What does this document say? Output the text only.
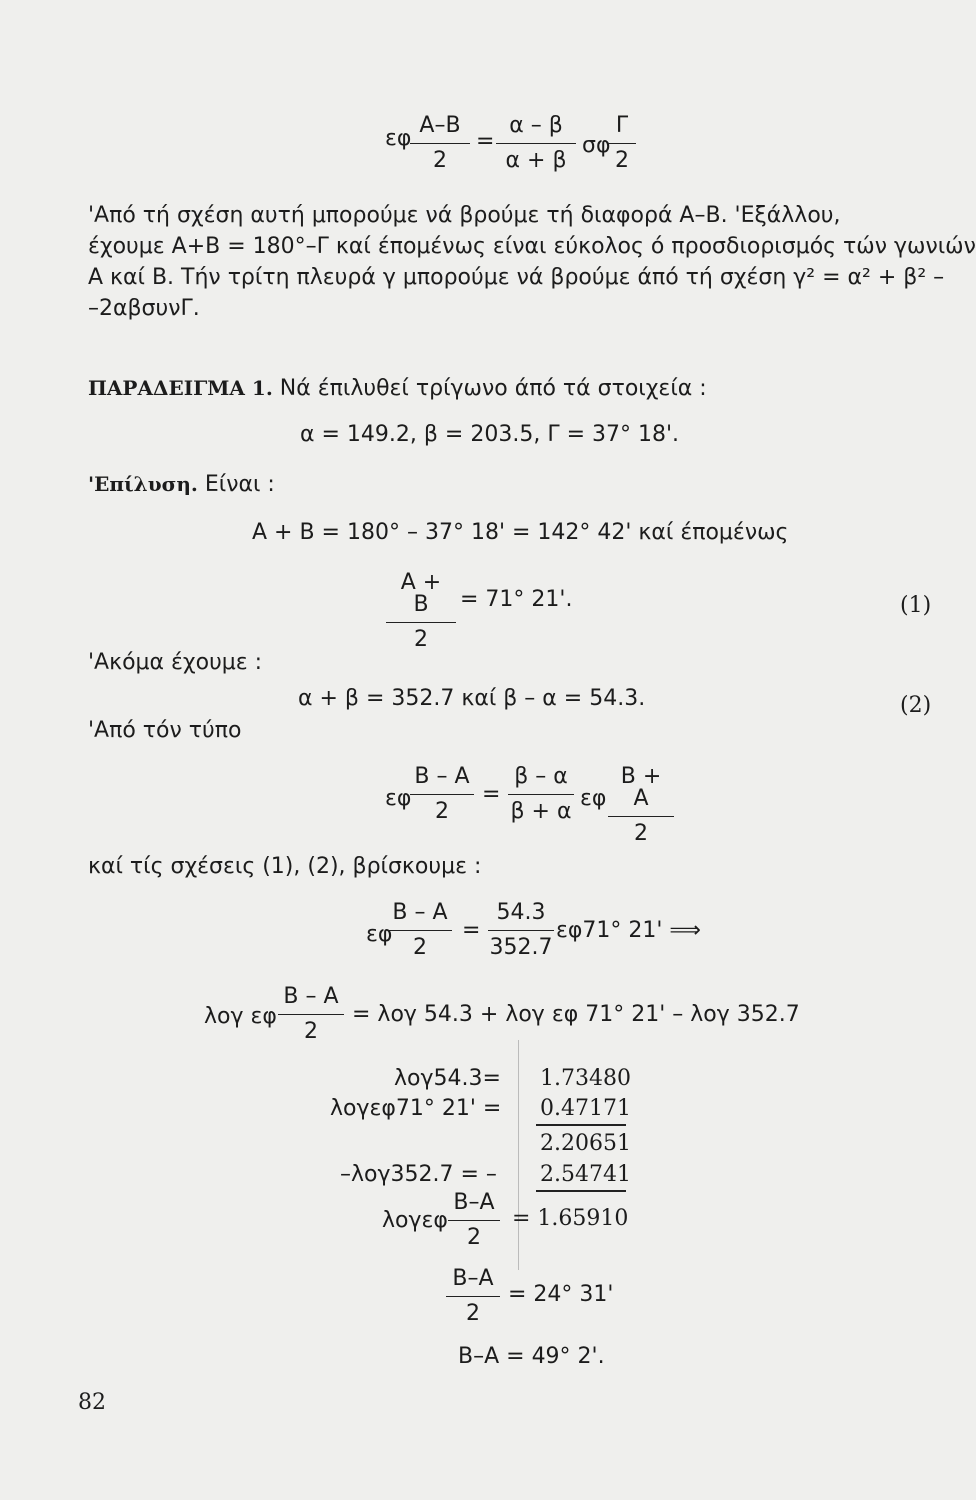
εφ
$\frac{A-B}{2} = \frac{\alpha - \beta}{\alpha + \beta}$ σφ
$\frac{\Gamma}{2}$
'Από τή σχέση αυτή μπορούμε νά βρούμε τή διαφορά A–B. 'Εξάλλου,
έχουμε A+B = 180°–Γ καί έπομένως είναι εύκολος ό προσδιορισμός τών γωνιών
A καί B. Τήν τρίτη πλευρά γ μπορούμε νά βρούμε άπό τή σχέση γ² = α² + β² –
–2αβσυνΓ.
ΠΑΡΑΔΕΙΓΜΑ 1. Νά έπιλυθεί τρίγωνο άπό τά στοιχεία :
α = 149.2, β = 203.5, Γ = 37° 18'.
'Επίλυση. Είναι :
A + B = 180° – 37° 18' = 142° 42' καί έπομένως
$\frac{A + B}{2} = 71^\circ$ 21'.	(1)
'Ακόμα έχουμε :
α + β = 352.7 καί β – α = 54.3.	(2)
'Από τόν τύπο
εφ
$\frac{B - A}{2} = \frac{\beta - \alpha}{\beta + \alpha}$ εφ $\frac{B + A}{2}$
καί τίς σχέσεις (1), (2), βρίσκουμε :
εφ
$\frac{B - A}{2} = \frac{54.3}{352.7} \varepsilon\varphi 71^\circ$ 21' ⟹
λογ εφ $\frac{B - A}{2} = \lambda o\gamma$ 54.3 + λογ εφ 71° 21' – λογ 352.7
λογ54.3= 1.73480
λογεφ71° 21' = 0.47171
2.20651
–λογ352.7 = – 2.54741
λογεφ $\frac{B-A}{2} = 1.65910$
$\frac{B-A}{2} = 24^\circ$ 31'
B–A = 49° 2'.
82
